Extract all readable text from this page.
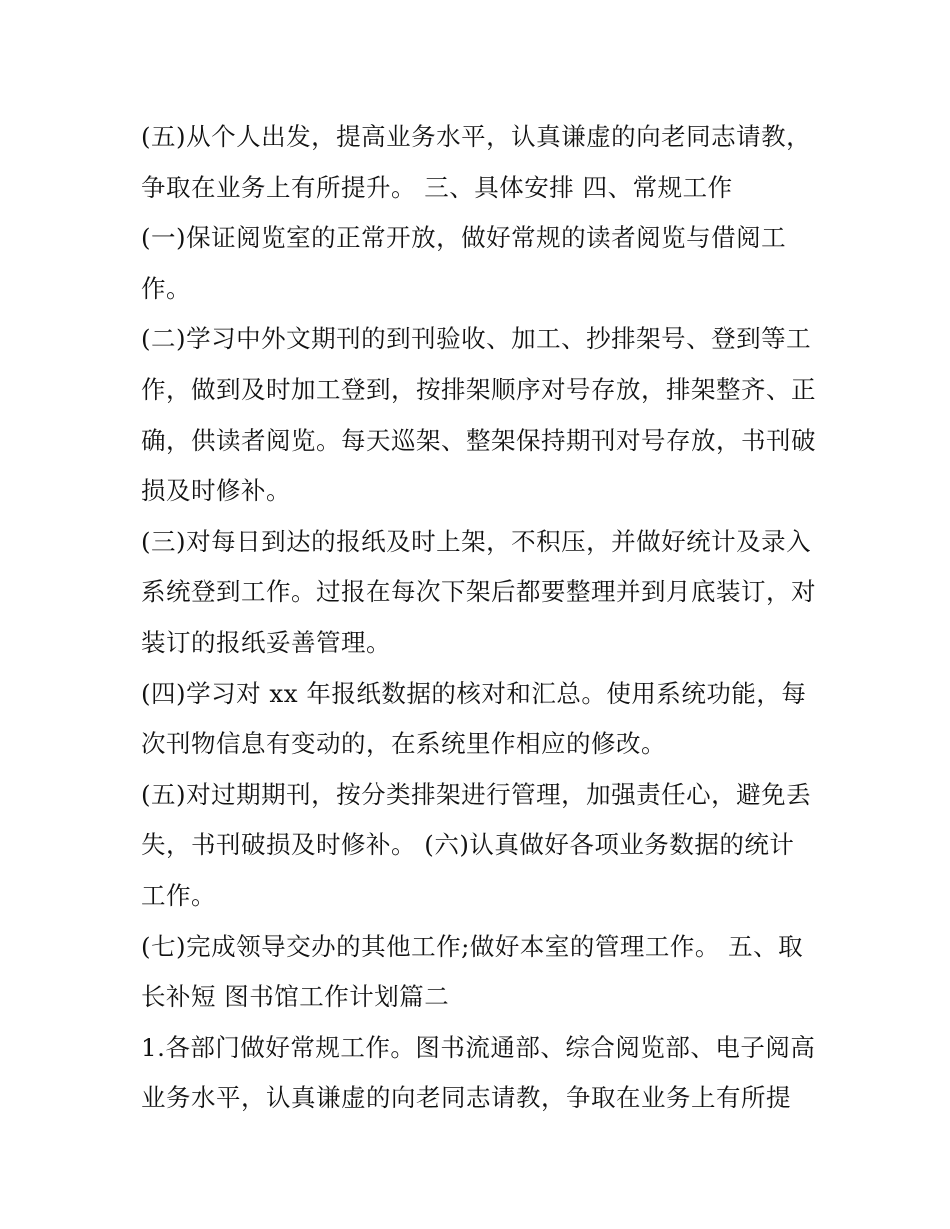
(五)从个人出发，提高业务水平，认真谦虚的向老同志请教，
争取在业务上有所提升。 三、具体安排 四、常规工作
(一)保证阅览室的正常开放，做好常规的读者阅览与借阅工
作。
(二)学习中外文期刊的到刊验收、加工、抄排架号、登到等工
作，做到及时加工登到，按排架顺序对号存放，排架整齐、正
确，供读者阅览。每天巡架、整架保持期刊对号存放，书刊破
损及时修补。
(三)对每日到达的报纸及时上架，不积压，并做好统计及录入
系统登到工作。过报在每次下架后都要整理并到月底装订，对
装订的报纸妥善管理。
(四)学习对 xx 年报纸数据的核对和汇总。使用系统功能，每
次刊物信息有变动的，在系统里作相应的修改。
(五)对过期期刊，按分类排架进行管理，加强责任心，避免丢
失，书刊破损及时修补。 (六)认真做好各项业务数据的统计
工作。
(七)完成领导交办的其他工作;做好本室的管理工作。 五、取
长补短 图书馆工作计划篇二
1.各部门做好常规工作。图书流通部、综合阅览部、电子阅高
业务水平，认真谦虚的向老同志请教，争取在业务上有所提
